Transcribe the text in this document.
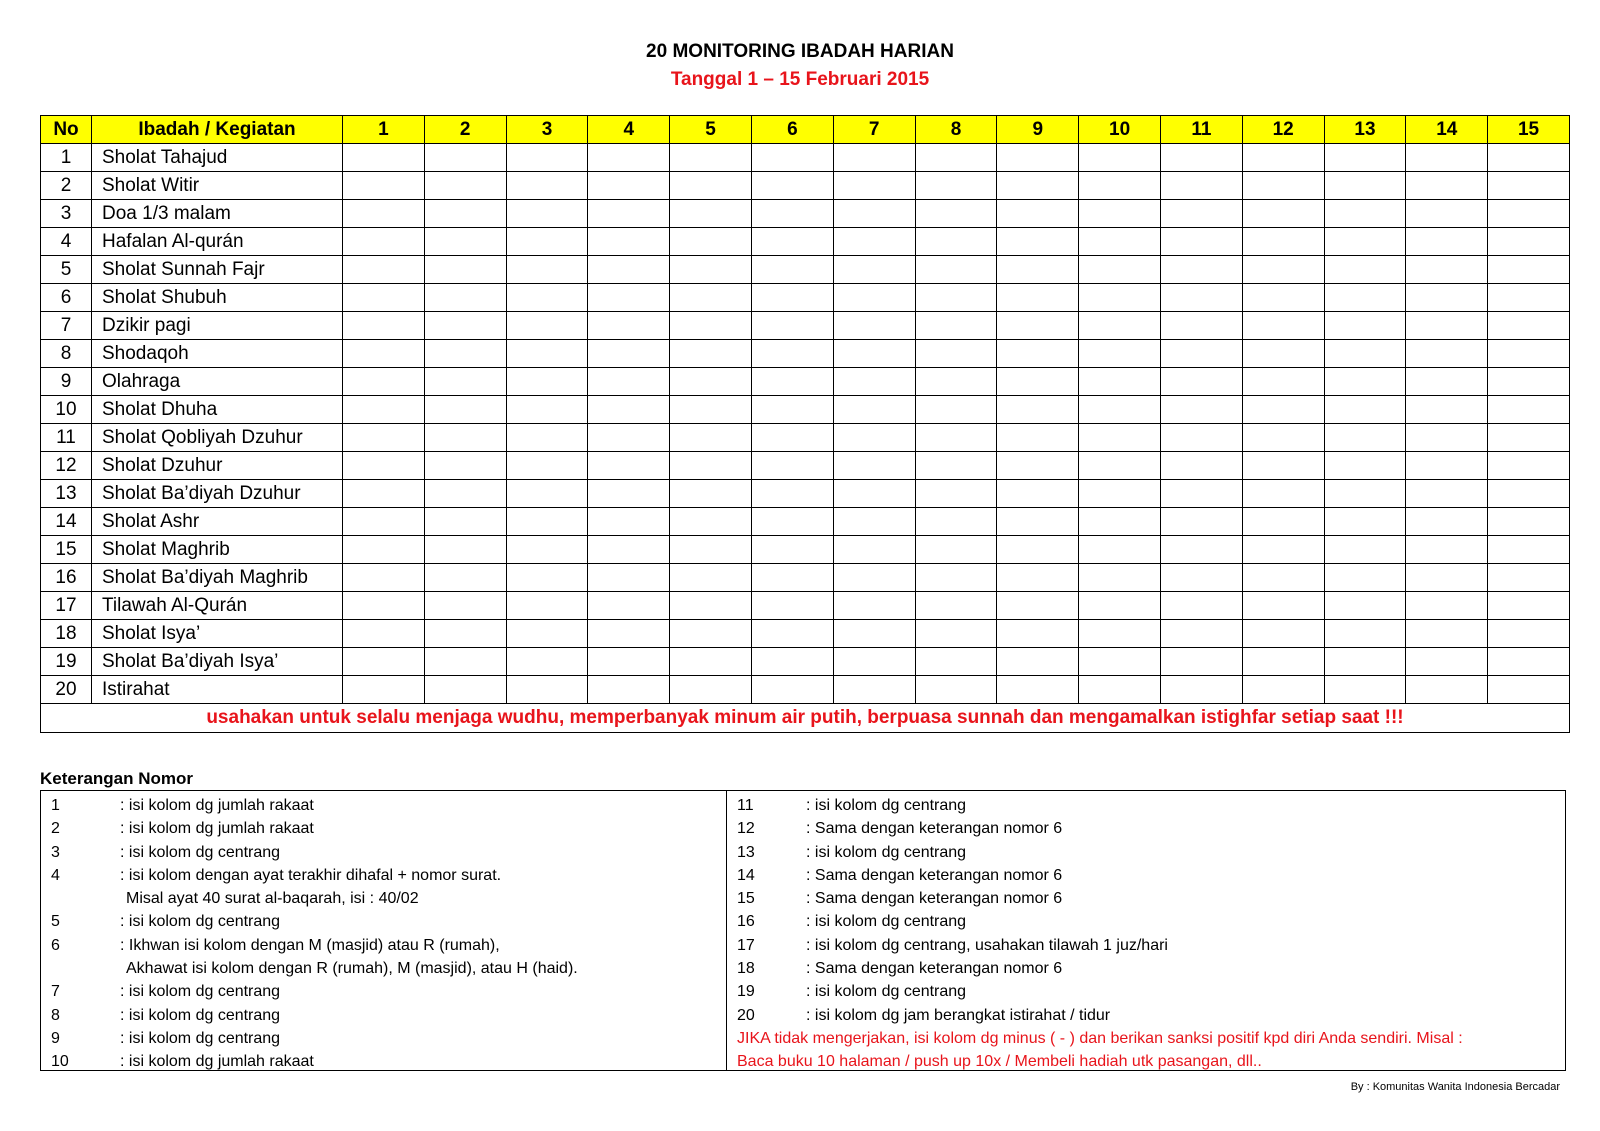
20 MONITORING IBADAH HARIAN
Tanggal 1 – 15 Februari 2015
No	Ibadah / Kegiatan	1	2	3	4	5	6	7	8	9	10	11	12	13	14	15
1	Sholat Tahajud															
2	Sholat Witir															
3	Doa 1/3 malam															
4	Hafalan Al-qurán															
5	Sholat Sunnah Fajr															
6	Sholat Shubuh															
7	Dzikir pagi															
8	Shodaqoh															
9	Olahraga															
10	Sholat Dhuha															
11	Sholat Qobliyah Dzuhur															
12	Sholat Dzuhur															
13	Sholat Ba’diyah Dzuhur															
14	Sholat Ashr															
15	Sholat Maghrib															
16	Sholat Ba’diyah Maghrib															
17	Tilawah Al-Qurán															
18	Sholat Isya’															
19	Sholat Ba’diyah Isya’															
20	Istirahat															
usahakan untuk selalu menjaga wudhu, memperbanyak minum air putih, berpuasa sunnah dan mengamalkan istighfar setiap saat !!!																
Keterangan Nomor
1	: isi kolom dg jumlah rakaat
2	: isi kolom dg jumlah rakaat
3	: isi kolom dg centrang
4	: isi kolom dengan ayat terakhir dihafal + nomor surat.
Misal ayat 40 surat al-baqarah, isi : 40/02
5	: isi kolom dg centrang
6	: Ikhwan isi kolom dengan M (masjid) atau R (rumah),
Akhawat isi kolom dengan R (rumah), M (masjid), atau H (haid).
7	: isi kolom dg centrang
8	: isi kolom dg centrang
9	: isi kolom dg centrang
10	: isi kolom dg jumlah rakaat
11	: isi kolom dg centrang
12	: Sama dengan keterangan nomor 6
13	: isi kolom dg centrang
14	: Sama dengan keterangan nomor 6
15	: Sama dengan keterangan nomor 6
16	: isi kolom dg centrang
17	: isi kolom dg centrang, usahakan tilawah 1 juz/hari
18	: Sama dengan keterangan nomor 6
19	: isi kolom dg centrang
20	: isi kolom dg jam berangkat istirahat / tidur
JIKA tidak mengerjakan, isi kolom dg minus ( - ) dan berikan sanksi positif kpd diri Anda sendiri. Misal :
Baca buku 10 halaman / push up 10x / Membeli hadiah utk pasangan, dll..
By : Komunitas Wanita Indonesia Bercadar
